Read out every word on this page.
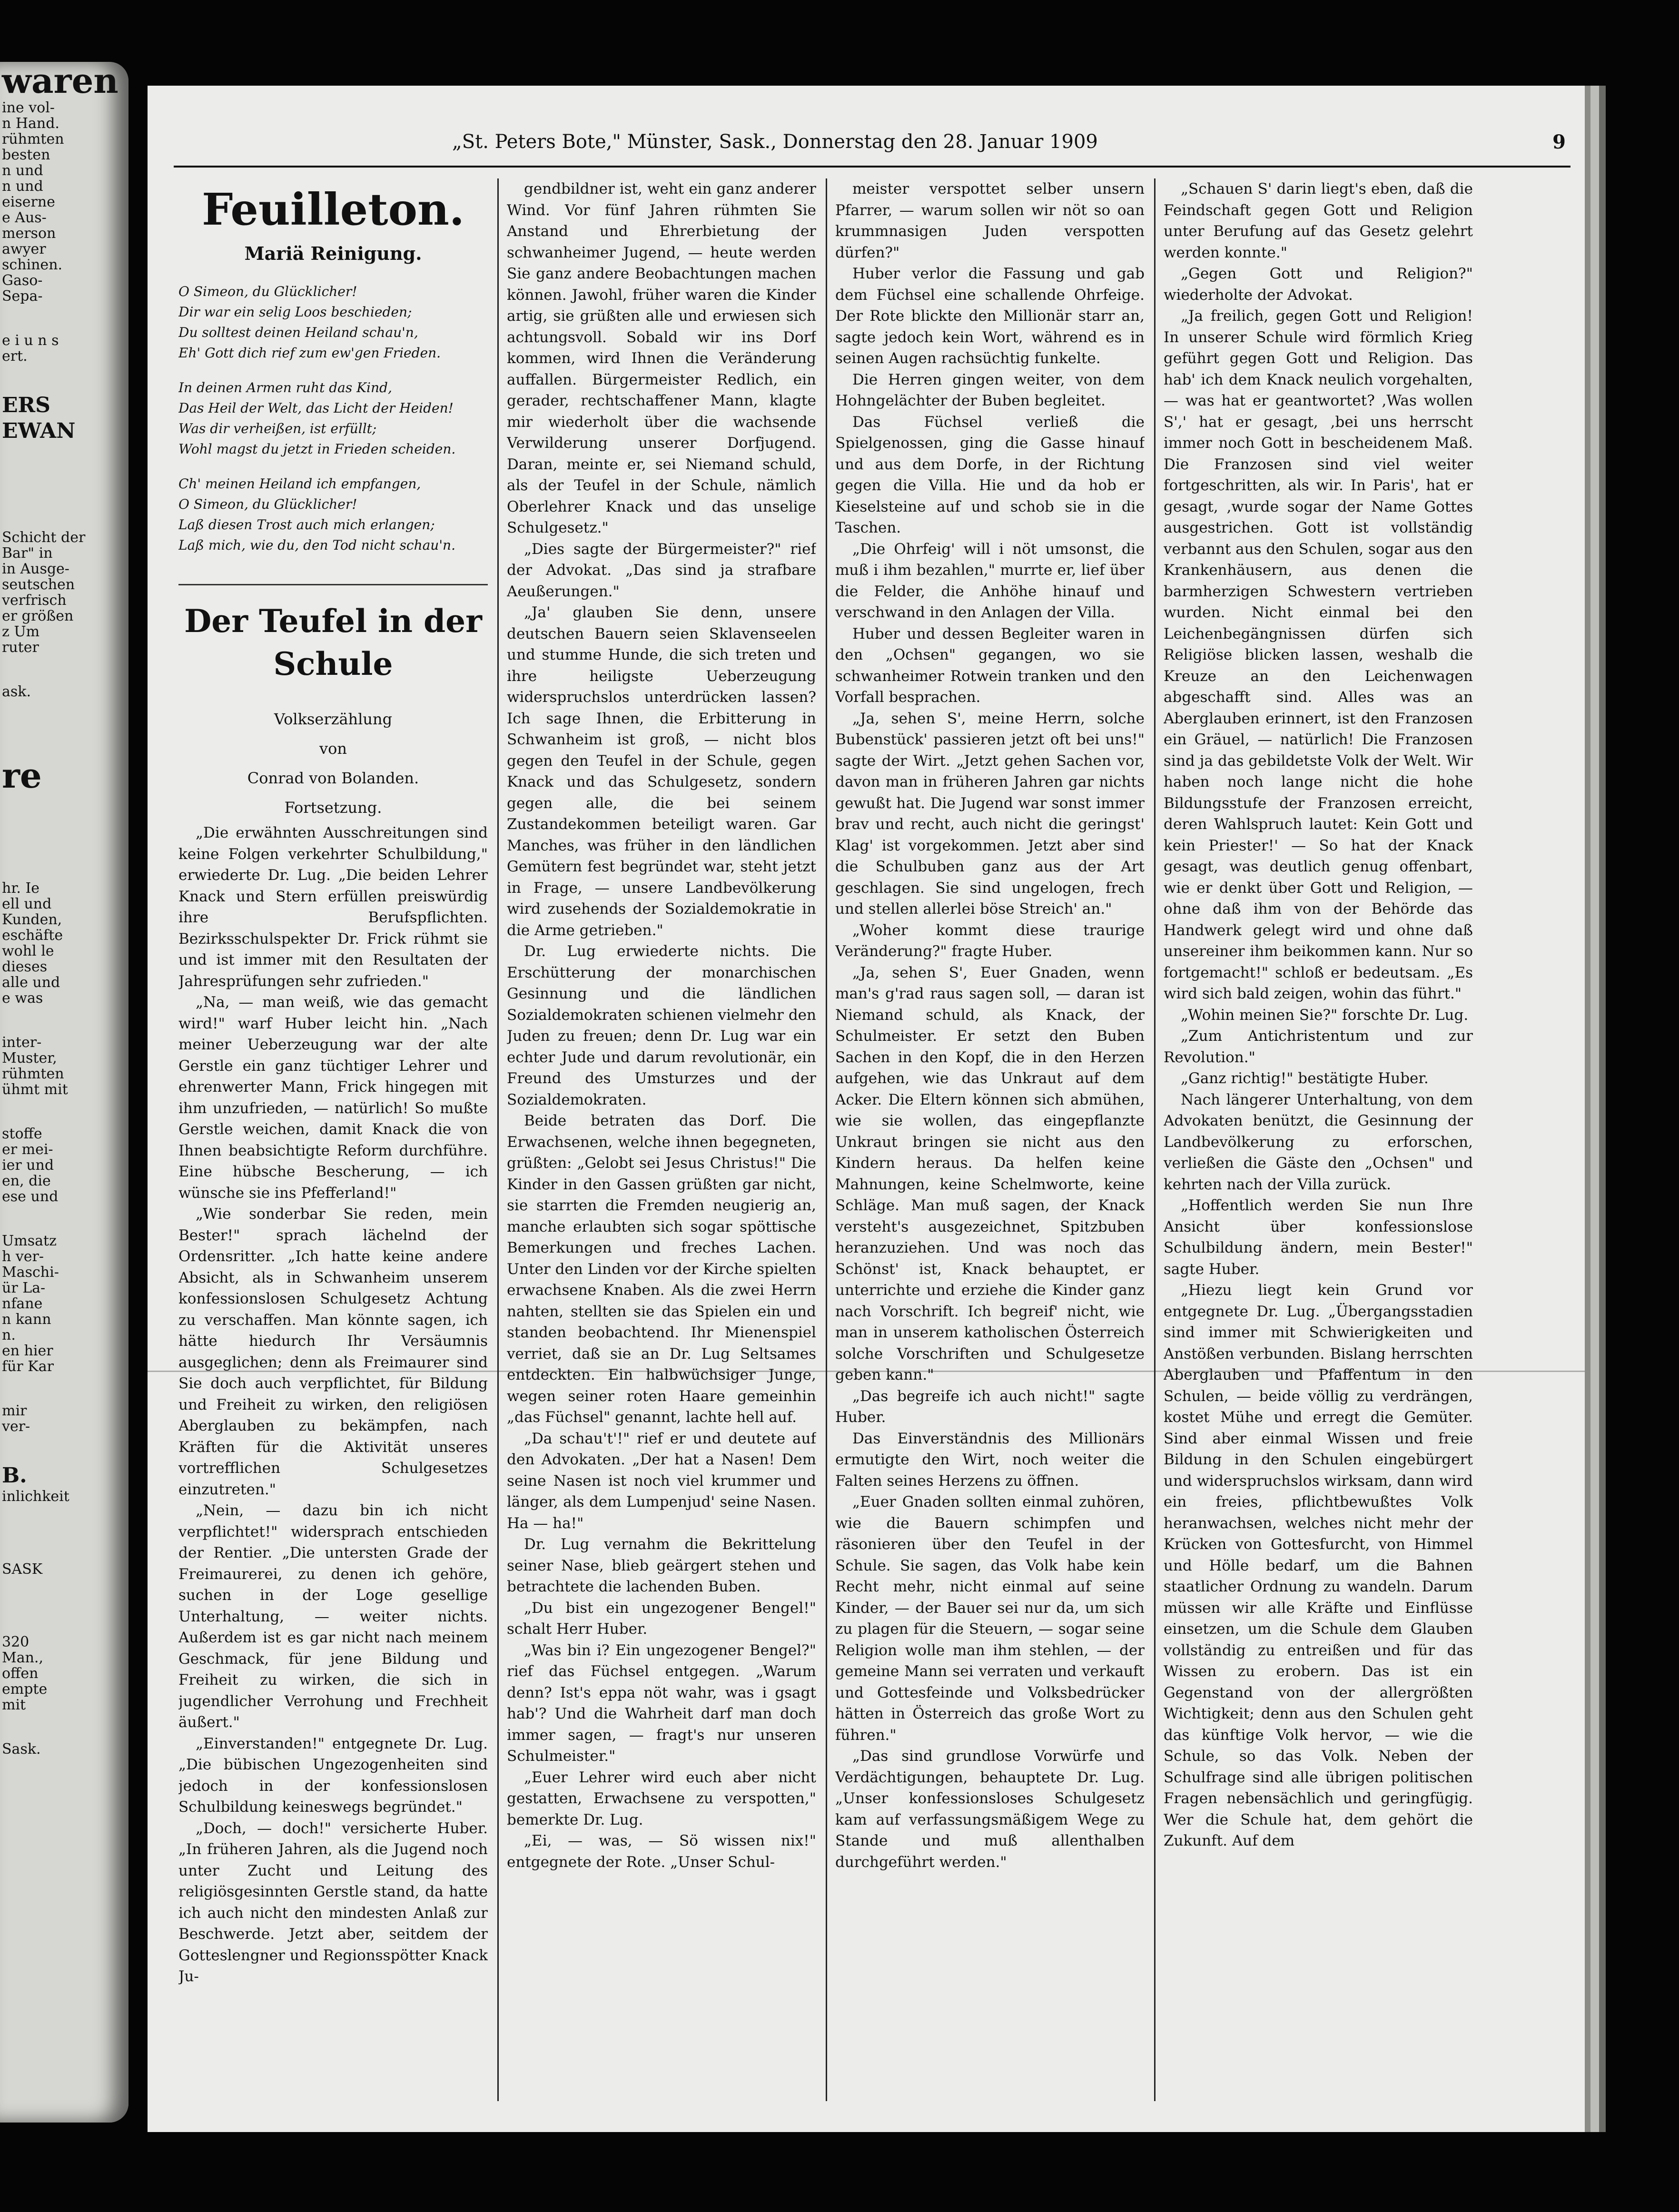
waren
ine vol-
n Hand.
rühmten
besten
n und
n und
eiserne
e Aus-
merson
awyer
schinen.
Gaso-
Sepa-
e i u n s
ert.
ERS
EWAN
Schicht der
Bar" in
in Ausge-
seutschen
verfrisch
er größen
z Um
ruter
ask.
re
hr. Ie
ell und
Kunden,
eschäfte
wohl le
dieses
alle und
e was
inter-
Muster,
rühmten
ühmt mit
stoffe
er mei-
ier und
en, die
ese und
Umsatz
h ver-
Maschi-
ür La-
nfane
n kann
n.
en hier
für Kar
mir
ver-
B.
inlichkeit
SASK
320
Man.,
offen
empte
mit
Sask.
„St. Peters Bote," Münster, Sask., Donnerstag den 28. Januar 1909	9
Feuilleton.
Mariä Reinigung.

O Simeon, du Glücklicher!

Dir war ein selig Loos beschieden;

Du solltest deinen Heiland schau'n,

Eh' Gott dich rief zum ew'gen Frieden.

In deinen Armen ruht das Kind,

Das Heil der Welt, das Licht der Heiden!

Was dir verheißen, ist erfüllt;

Wohl magst du jetzt in Frieden scheiden.

Ch' meinen Heiland ich empfangen,

O Simeon, du Glücklicher!

Laß diesen Trost auch mich erlangen;

Laß mich, wie du, den Tod nicht schau'n.

Der Teufel in der Schule

Volkserzählung

von

Conrad von Bolanden.

Fortsetzung.

„Die erwähnten Ausschreitungen sind keine Folgen verkehrter Schulbildung," erwiederte Dr. Lug. „Die beiden Lehrer Knack und Stern erfüllen preiswürdig ihre Berufspflichten. Bezirksschulspekter Dr. Frick rühmt sie und ist immer mit den Resultaten der Jahresprüfungen sehr zufrieden."

„Na, — man weiß, wie das gemacht wird!" warf Huber leicht hin. „Nach meiner Ueberzeugung war der alte Gerstle ein ganz tüchtiger Lehrer und ehrenwerter Mann, Frick hingegen mit ihm unzufrieden, — natürlich! So mußte Gerstle weichen, damit Knack die von Ihnen beabsichtigte Reform durchführe. Eine hübsche Bescherung, — ich wünsche sie ins Pfefferland!"

„Wie sonderbar Sie reden, mein Bester!" sprach lächelnd der Ordensritter. „Ich hatte keine andere Absicht, als in Schwanheim unserem konfessionslosen Schulgesetz Achtung zu verschaffen. Man könnte sagen, ich hätte hiedurch Ihr Versäumnis ausgeglichen; denn als Freimaurer sind Sie doch auch verpflichtet, für Bildung und Freiheit zu wirken, den religiösen Aberglauben zu bekämpfen, nach Kräften für die Aktivität unseres vortrefflichen Schulgesetzes einzutreten."

„Nein, — dazu bin ich nicht verpflichtet!" widersprach entschieden der Rentier. „Die untersten Grade der Freimaurerei, zu denen ich gehöre, suchen in der Loge gesellige Unterhaltung, — weiter nichts. Außerdem ist es gar nicht nach meinem Geschmack, für jene Bildung und Freiheit zu wirken, die sich in jugendlicher Verrohung und Frechheit äußert."

„Einverstanden!" entgegnete Dr. Lug. „Die bübischen Ungezogenheiten sind jedoch in der konfessionslosen Schulbildung keineswegs begründet."

„Doch, — doch!" versicherte Huber. „In früheren Jahren, als die Jugend noch unter Zucht und Leitung des religiösgesinnten Gerstle stand, da hatte ich auch nicht den mindesten Anlaß zur Beschwerde. Jetzt aber, seitdem der Gotteslengner und Regionsspötter Knack Ju-

gendbildner ist, weht ein ganz anderer Wind. Vor fünf Jahren rühmten Sie Anstand und Ehrerbietung der schwanheimer Jugend, — heute werden Sie ganz andere Beobachtungen machen können. Jawohl, früher waren die Kinder artig, sie grüßten alle und erwiesen sich achtungsvoll. Sobald wir ins Dorf kommen, wird Ihnen die Veränderung auffallen. Bürgermeister Redlich, ein gerader, rechtschaffener Mann, klagte mir wiederholt über die wachsende Verwilderung unserer Dorfjugend. Daran, meinte er, sei Niemand schuld, als der Teufel in der Schule, nämlich Oberlehrer Knack und das unselige Schulgesetz."

„Dies sagte der Bürgermeister?" rief der Advokat. „Das sind ja strafbare Aeußerungen."

„Ja' glauben Sie denn, unsere deutschen Bauern seien Sklavenseelen und stumme Hunde, die sich treten und ihre heiligste Ueberzeugung widerspruchslos unterdrücken lassen? Ich sage Ihnen, die Erbitterung in Schwanheim ist groß, — nicht blos gegen den Teufel in der Schule, gegen Knack und das Schulgesetz, sondern gegen alle, die bei seinem Zustandekommen beteiligt waren. Gar Manches, was früher in den ländlichen Gemütern fest begründet war, steht jetzt in Frage, — unsere Landbevölkerung wird zusehends der Sozialdemokratie in die Arme getrieben."

Dr. Lug erwiederte nichts. Die Erschütterung der monarchischen Gesinnung und die ländlichen Sozialdemokraten schienen vielmehr den Juden zu freuen; denn Dr. Lug war ein echter Jude und darum revolutionär, ein Freund des Umsturzes und der Sozialdemokraten.

Beide betraten das Dorf. Die Erwachsenen, welche ihnen begegneten, grüßten: „Gelobt sei Jesus Christus!" Die Kinder in den Gassen grüßten gar nicht, sie starrten die Fremden neugierig an, manche erlaubten sich sogar spöttische Bemerkungen und freches Lachen. Unter den Linden vor der Kirche spielten erwachsene Knaben. Als die zwei Herrn nahten, stellten sie das Spielen ein und standen beobachtend. Ihr Mienenspiel verriet, daß sie an Dr. Lug Seltsames entdeckten. Ein halbwüchsiger Junge, wegen seiner roten Haare gemeinhin „das Füchsel" genannt, lachte hell auf.

„Da schau't'!" rief er und deutete auf den Advokaten. „Der hat a Nasen! Dem seine Nasen ist noch viel krummer und länger, als dem Lumpenjud' seine Nasen. Ha — ha!"

Dr. Lug vernahm die Bekrittelung seiner Nase, blieb geärgert stehen und betrachtete die lachenden Buben.

„Du bist ein ungezogener Bengel!" schalt Herr Huber.

„Was bin i? Ein ungezogener Bengel?" rief das Füchsel entgegen. „Warum denn? Ist's eppa nöt wahr, was i gsagt hab'? Und die Wahrheit darf man doch immer sagen, — fragt's nur unseren Schulmeister."

„Euer Lehrer wird euch aber nicht gestatten, Erwachsene zu verspotten," bemerkte Dr. Lug.

„Ei, — was, — Sö wissen nix!" entgegnete der Rote. „Unser Schul-

meister verspottet selber unsern Pfarrer, — warum sollen wir nöt so oan krummnasigen Juden verspotten dürfen?"

Huber verlor die Fassung und gab dem Füchsel eine schallende Ohrfeige. Der Rote blickte den Millionär starr an, sagte jedoch kein Wort, während es in seinen Augen rachsüchtig funkelte.

Die Herren gingen weiter, von dem Hohngelächter der Buben begleitet.

Das Füchsel verließ die Spielgenossen, ging die Gasse hinauf und aus dem Dorfe, in der Richtung gegen die Villa. Hie und da hob er Kieselsteine auf und schob sie in die Taschen.

„Die Ohrfeig' will i nöt umsonst, die muß i ihm bezahlen," murrte er, lief über die Felder, die Anhöhe hinauf und verschwand in den Anlagen der Villa.

Huber und dessen Begleiter waren in den „Ochsen" gegangen, wo sie schwanheimer Rotwein tranken und den Vorfall besprachen.

„Ja, sehen S', meine Herrn, solche Bubenstück' passieren jetzt oft bei uns!" sagte der Wirt. „Jetzt gehen Sachen vor, davon man in früheren Jahren gar nichts gewußt hat. Die Jugend war sonst immer brav und recht, auch nicht die geringst' Klag' ist vorgekommen. Jetzt aber sind die Schulbuben ganz aus der Art geschlagen. Sie sind ungelogen, frech und stellen allerlei böse Streich' an."

„Woher kommt diese traurige Veränderung?" fragte Huber.

„Ja, sehen S', Euer Gnaden, wenn man's g'rad raus sagen soll, — daran ist Niemand schuld, als Knack, der Schulmeister. Er setzt den Buben Sachen in den Kopf, die in den Herzen aufgehen, wie das Unkraut auf dem Acker. Die Eltern können sich abmühen, wie sie wollen, das eingepflanzte Unkraut bringen sie nicht aus den Kindern heraus. Da helfen keine Mahnungen, keine Schelmworte, keine Schläge. Man muß sagen, der Knack versteht's ausgezeichnet, Spitzbuben heranzuziehen. Und was noch das Schönst' ist, Knack behauptet, er unterrichte und erziehe die Kinder ganz nach Vorschrift. Ich begreif' nicht, wie man in unserem katholischen Österreich solche Vorschriften und Schulgesetze geben kann."

„Das begreife ich auch nicht!" sagte Huber.

Das Einverständnis des Millionärs ermutigte den Wirt, noch weiter die Falten seines Herzens zu öffnen.

„Euer Gnaden sollten einmal zuhören, wie die Bauern schimpfen und räsonieren über den Teufel in der Schule. Sie sagen, das Volk habe kein Recht mehr, nicht einmal auf seine Kinder, — der Bauer sei nur da, um sich zu plagen für die Steuern, — sogar seine Religion wolle man ihm stehlen, — der gemeine Mann sei verraten und verkauft und Gottesfeinde und Volksbedrücker hätten in Österreich das große Wort zu führen."

„Das sind grundlose Vorwürfe und Verdächtigungen, behauptete Dr. Lug. „Unser konfessionsloses Schulgesetz kam auf verfassungsmäßigem Wege zu Stande und muß allenthalben durchgeführt werden."

„Schauen S' darin liegt's eben, daß die Feindschaft gegen Gott und Religion unter Berufung auf das Gesetz gelehrt werden konnte."

„Gegen Gott und Religion?" wiederholte der Advokat.

„Ja freilich, gegen Gott und Religion! In unserer Schule wird förmlich Krieg geführt gegen Gott und Religion. Das hab' ich dem Knack neulich vorgehalten, — was hat er geantwortet? ,Was wollen S',' hat er gesagt, ,bei uns herrscht immer noch Gott in bescheidenem Maß. Die Franzosen sind viel weiter fortgeschritten, als wir. In Paris', hat er gesagt, ,wurde sogar der Name Gottes ausgestrichen. Gott ist vollständig verbannt aus den Schulen, sogar aus den Krankenhäusern, aus denen die barmherzigen Schwestern vertrieben wurden. Nicht einmal bei den Leichenbegängnissen dürfen sich Religiöse blicken lassen, weshalb die Kreuze an den Leichenwagen abgeschafft sind. Alles was an Aberglauben erinnert, ist den Franzosen ein Gräuel, — natürlich! Die Franzosen sind ja das gebildetste Volk der Welt. Wir haben noch lange nicht die hohe Bildungsstufe der Franzosen erreicht, deren Wahlspruch lautet: Kein Gott und kein Priester!' — So hat der Knack gesagt, was deutlich genug offenbart, wie er denkt über Gott und Religion, — ohne daß ihm von der Behörde das Handwerk gelegt wird und ohne daß unsereiner ihm beikommen kann. Nur so fortgemacht!" schloß er bedeutsam. „Es wird sich bald zeigen, wohin das führt."

„Wohin meinen Sie?" forschte Dr. Lug.

„Zum Antichristentum und zur Revolution."

„Ganz richtig!" bestätigte Huber.

Nach längerer Unterhaltung, von dem Advokaten benützt, die Gesinnung der Landbevölkerung zu erforschen, verließen die Gäste den „Ochsen" und kehrten nach der Villa zurück.

„Hoffentlich werden Sie nun Ihre Ansicht über konfessionslose Schulbildung ändern, mein Bester!" sagte Huber.

„Hiezu liegt kein Grund vor entgegnete Dr. Lug. „Übergangsstadien sind immer mit Schwierigkeiten und Anstößen verbunden. Bislang herrschten Aberglauben und Pfaffentum in den Schulen, — beide völlig zu verdrängen, kostet Mühe und erregt die Gemüter. Sind aber einmal Wissen und freie Bildung in den Schulen eingebürgert und widerspruchslos wirksam, dann wird ein freies, pflichtbewußtes Volk heranwachsen, welches nicht mehr der Krücken von Gottesfurcht, von Himmel und Hölle bedarf, um die Bahnen staatlicher Ordnung zu wandeln. Darum müssen wir alle Kräfte und Einflüsse einsetzen, um die Schule dem Glauben vollständig zu entreißen und für das Wissen zu erobern. Das ist ein Gegenstand von der allergrößten Wichtigkeit; denn aus den Schulen geht das künftige Volk hervor, — wie die Schule, so das Volk. Neben der Schulfrage sind alle übrigen politischen Fragen nebensächlich und geringfügig. Wer die Schule hat, dem gehört die Zukunft. Auf dem
